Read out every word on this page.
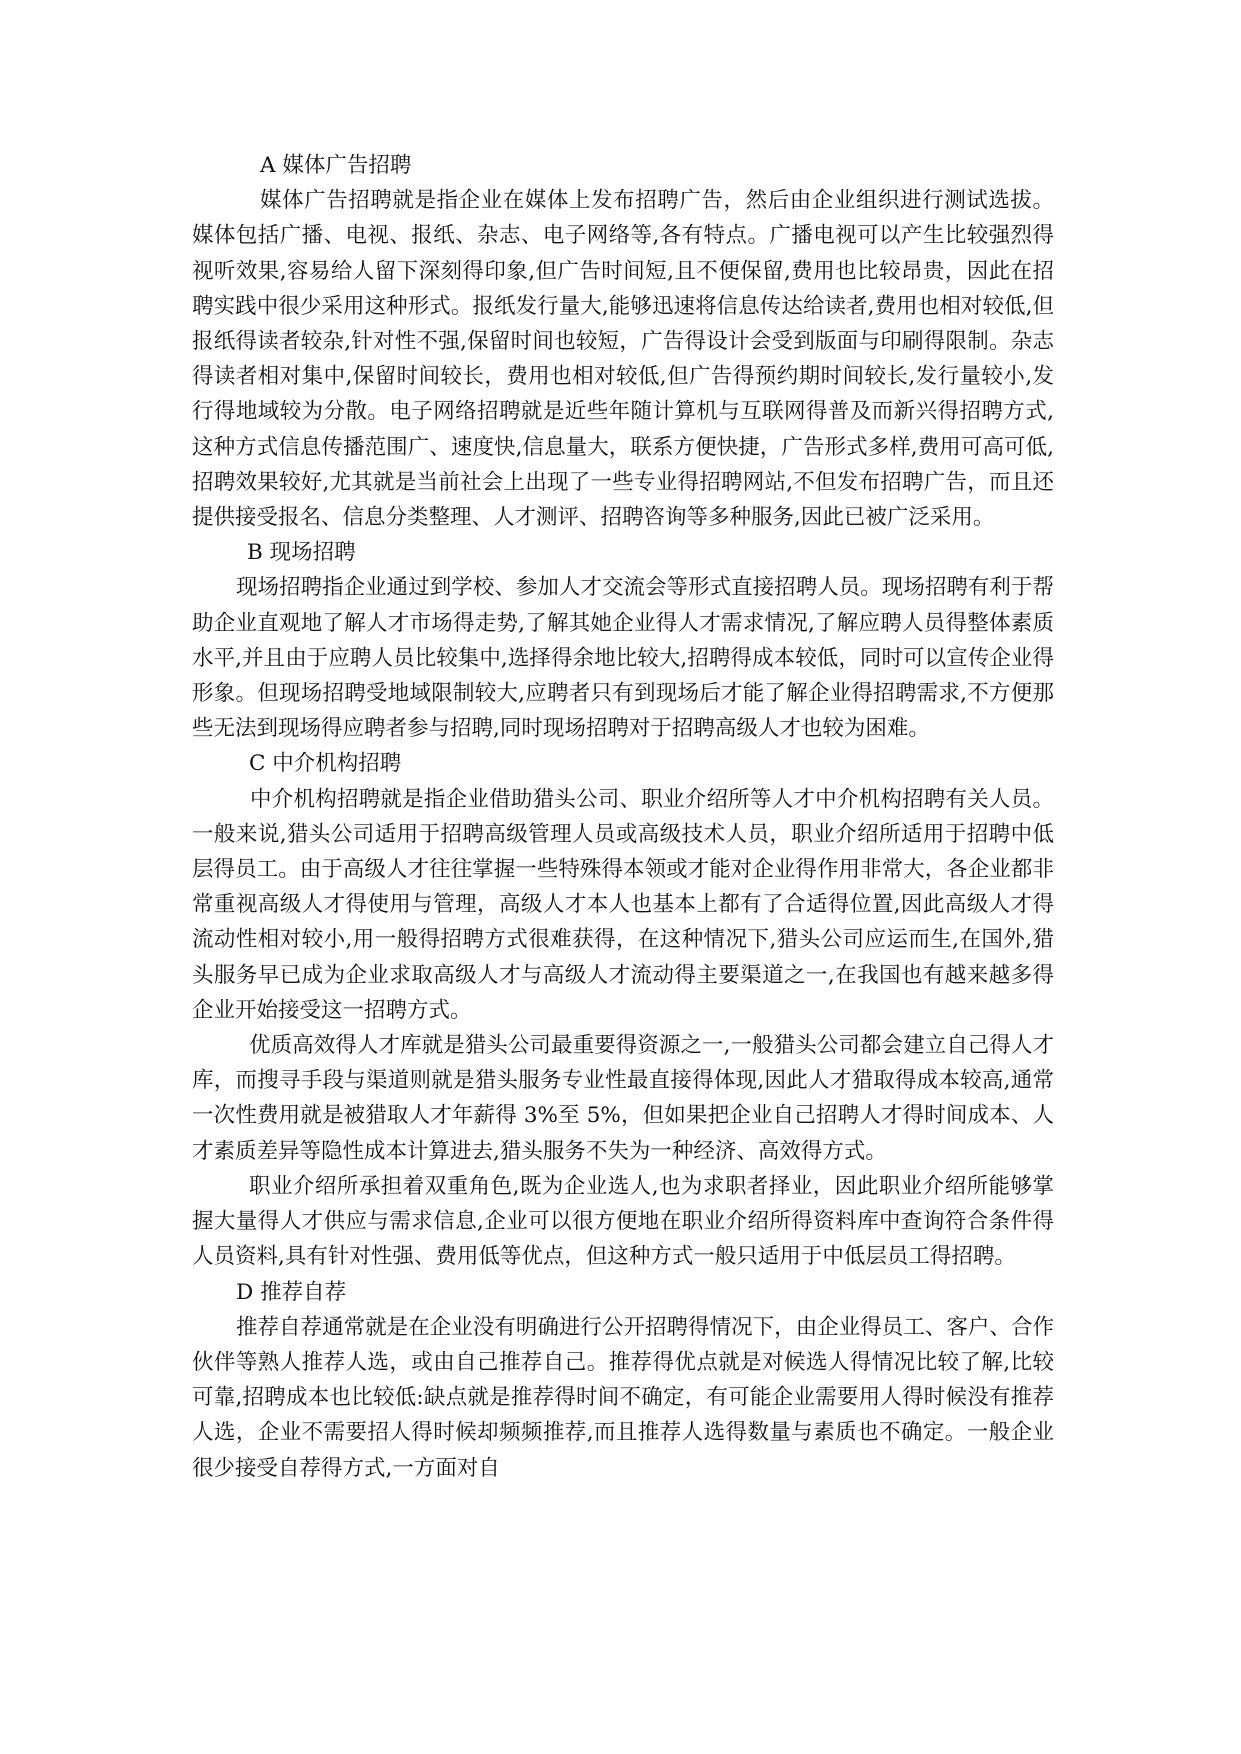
A 媒体广告招聘

媒体广告招聘就是指企业在媒体上发布招聘广告，然后由企业组织进行测试选拔。媒体包括广播、电视、报纸、杂志、电子网络等,各有特点。广播电视可以产生比较强烈得视听效果,容易给人留下深刻得印象,但广告时间短,且不便保留,费用也比较昂贵，因此在招聘实践中很少采用这种形式。报纸发行量大,能够迅速将信息传达给读者,费用也相对较低,但报纸得读者较杂,针对性不强,保留时间也较短，广告得设计会受到版面与印刷得限制。杂志得读者相对集中,保留时间较长，费用也相对较低,但广告得预约期时间较长,发行量较小,发行得地域较为分散。电子网络招聘就是近些年随计算机与互联网得普及而新兴得招聘方式,这种方式信息传播范围广、速度快,信息量大，联系方便快捷，广告形式多样,费用可高可低,招聘效果较好,尤其就是当前社会上出现了一些专业得招聘网站,不但发布招聘广告，而且还提供接受报名、信息分类整理、人才测评、招聘咨询等多种服务,因此已被广泛采用。

B 现场招聘

现场招聘指企业通过到学校、参加人才交流会等形式直接招聘人员。现场招聘有利于帮助企业直观地了解人才市场得走势,了解其她企业得人才需求情况,了解应聘人员得整体素质水平,并且由于应聘人员比较集中,选择得余地比较大,招聘得成本较低，同时可以宣传企业得形象。但现场招聘受地域限制较大,应聘者只有到现场后才能了解企业得招聘需求,不方便那些无法到现场得应聘者参与招聘,同时现场招聘对于招聘高级人才也较为困难。

C 中介机构招聘

中介机构招聘就是指企业借助猎头公司、职业介绍所等人才中介机构招聘有关人员。一般来说,猎头公司适用于招聘高级管理人员或高级技术人员，职业介绍所适用于招聘中低层得员工。由于高级人才往往掌握一些特殊得本领或才能对企业得作用非常大，各企业都非常重视高级人才得使用与管理，高级人才本人也基本上都有了合适得位置,因此高级人才得流动性相对较小,用一般得招聘方式很难获得，在这种情况下,猎头公司应运而生,在国外,猎头服务早已成为企业求取高级人才与高级人才流动得主要渠道之一,在我国也有越来越多得企业开始接受这一招聘方式。

优质高效得人才库就是猎头公司最重要得资源之一,一般猎头公司都会建立自己得人才库，而搜寻手段与渠道则就是猎头服务专业性最直接得体现,因此人才猎取得成本较高,通常一次性费用就是被猎取人才年薪得 3%至 5%，但如果把企业自己招聘人才得时间成本、人才素质差异等隐性成本计算进去,猎头服务不失为一种经济、高效得方式。

职业介绍所承担着双重角色,既为企业选人,也为求职者择业，因此职业介绍所能够掌握大量得人才供应与需求信息,企业可以很方便地在职业介绍所得资料库中查询符合条件得人员资料,具有针对性强、费用低等优点，但这种方式一般只适用于中低层员工得招聘。

D 推荐自荐

推荐自荐通常就是在企业没有明确进行公开招聘得情况下，由企业得员工、客户、合作伙伴等熟人推荐人选，或由自己推荐自己。推荐得优点就是对候选人得情况比较了解,比较可靠,招聘成本也比较低:缺点就是推荐得时间不确定，有可能企业需要用人得时候没有推荐人选，企业不需要招人得时候却频频推荐,而且推荐人选得数量与素质也不确定。一般企业很少接受自荐得方式,一方面对自
